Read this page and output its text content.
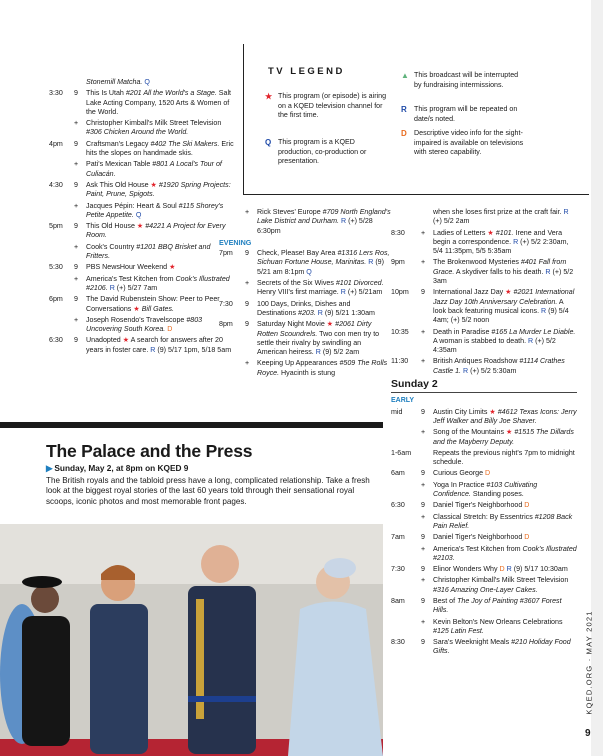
TV LEGEND
★ This program (or episode) is airing on a KQED television channel for the first time.
Q This program is a KQED production, co-production or presentation.
▲ This broadcast will be interrupted by fundraising intermissions.
R This program will be repeated on date/s noted.
D Descriptive video info for the sight-impaired is available on televisions with stereo capability.
Stonemill Matcha. Q
3:30 9 This Is Utah #201 All the World's a Stage. Salt Lake Acting Company, 1520 Arts & Women of the World.
+ Christopher Kimball's Milk Street Television #306 Chicken Around the World.
4pm 9 Craftsman's Legacy #402 The Ski Makers. Eric hits the slopes on handmade skis.
+ Pati's Mexican Table #801 A Local's Tour of Culiacán.
4:30 9 Ask This Old House ★ #1920 Spring Projects: Paint, Prune, Spigots.
+ Jacques Pépin: Heart & Soul #115 Shorey's Petite Appetite. Q
5pm 9 This Old House ★ #4221 A Project for Every Room.
+ Cook's Country #1201 BBQ Brisket and Fritters.
5:30 9 PBS NewsHour Weekend ★
+ America's Test Kitchen from Cook's Illustrated #2106. R (+) 5/27 7am
6pm 9 The David Rubenstein Show: Peer to Peer Conversations ★ Bill Gates.
+ Joseph Rosendo's Travelscope #803 Uncovering South Korea. D
6:30 9 Unadopted ★ A search for answers after 20 years in foster care. R (9) 5/17 1pm, 5/18 5am
+ Rick Steves' Europe #709 North England's Lake District and Durham. R (+) 5/28 6:30pm
EVENING
7pm 9 Check, Please! Bay Area #1316 Lers Ros, Sichuan Fortune House, Marinitas. R (9) 5/21 am 8:1pm Q
+ Secrets of the Six Wives #101 Divorced. Henry VIII's first marriage. R (+) 5/21am
7:30 9 100 Days, Drinks, Dishes and Destinations #203. R (9) 5/21 1:30am
8pm 9 Saturday Night Movie ★ #2061 Dirty Rotten Scoundrels. Two con men try to settle their rivalry by swindling an American heiress. R (9) 5/2 2am
+ Keeping Up Appearances #509 The Rolls Royce. Hyacinth is stung
when she loses first prize at the craft fair. R (+) 5/2 2am
8:30 + Ladies of Letters ★ #101. Irene and Vera begin a correspondence. R (+) 5/2 2:30am, 5/4 11:35pm, 5/5 5:35am
9pm + The Brokenwood Mysteries #401 Fall from Grace. A skydiver falls to his death. R (+) 5/2 3am
10pm 9 International Jazz Day ★ #2021 International Jazz Day 10th Anniversary Celebration. A look back featuring musical icons. R (9) 5/4 4am; (+) 5/2 noon
10:35 + Death in Paradise #165 La Murder Le Diable. A woman is stabbed to death. R (+) 5/2 4:35am
11:30 + British Antiques Roadshow #1114 Crathes Castle 1. R (+) 5/2 5:30am
Sunday 2
EARLY
mid	9 Austin City Limits ★ #4612 Texas Icons: Jerry Jeff Walker and Billy Joe Shaver.
+ Song of the Mountains ★ #1515 The Dillards and the Mayberry Deputy.
1-6am	Repeats the previous night's 7pm to midnight schedule.
6am 9 Curious George D
+ Yoga In Practice #103 Cultivating Confidence. Standing poses.
6:30 9 Daniel Tiger's Neighborhood D
+ Classical Stretch: By Essentrics #1208 Back Pain Relief.
7am 9 Daniel Tiger's Neighborhood D
+ America's Test Kitchen from Cook's Illustrated #2103.
7:30 9 Elinor Wonders Why D R (9) 5/17 10:30am
+ Christopher Kimball's Milk Street Television #316 Amazing One-Layer Cakes.
8am 9 Best of The Joy of Painting #3607 Forest Hills.
+ Kevin Belton's New Orleans Celebrations #125 Latin Fest.
8:30 9 Sara's Weeknight Meals #210 Holiday Food Gifts.
The Palace and the Press
▶ Sunday, May 2, at 8pm on KQED 9
The British royals and the tabloid press have a long, complicated relationship. Take a fresh look at the biggest royal stories of the last 60 years told through their sensational royal scoops, iconic photos and most memorable front pages.
KQED.ORG · MAY 2021
9
